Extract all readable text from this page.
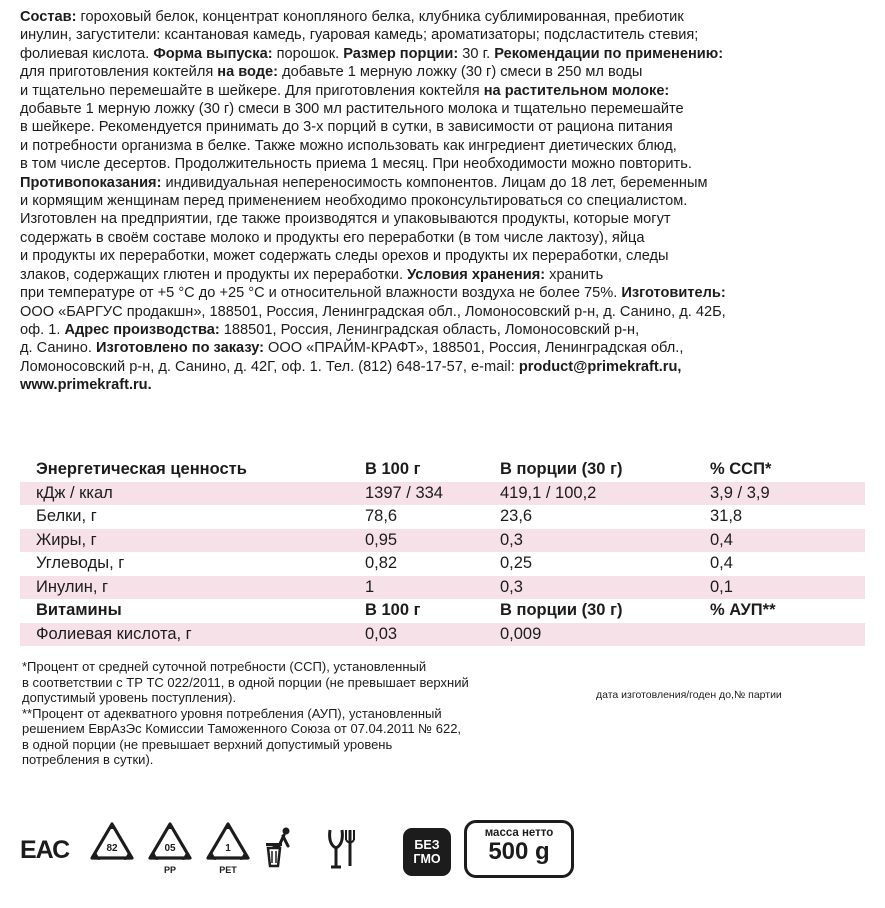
Состав: гороховый белок, концентрат конопляного белка, клубника сублимированная, пребиотик
инулин, загустители: ксантановая камедь, гуаровая камедь; ароматизаторы; подсластитель стевия;
фолиевая кислота. Форма выпуска: порошок. Размер порции: 30 г. Рекомендации по применению:
для приготовления коктейля на воде: добавьте 1 мерную ложку (30 г) смеси в 250 мл воды
и тщательно перемешайте в шейкере. Для приготовления коктейля на растительном молоке:
добавьте 1 мерную ложку (30 г) смеси в 300 мл растительного молока и тщательно перемешайте
в шейкере. Рекомендуется принимать до 3-х порций в сутки, в зависимости от рациона питания
и потребности организма в белке. Также можно использовать как ингредиент диетических блюд,
в том числе десертов. Продолжительность приема 1 месяц. При необходимости можно повторить.
Противопоказания: индивидуальная непереносимость компонентов. Лицам до 18 лет, беременным
и кормящим женщинам перед применением необходимо проконсультироваться со специалистом.
Изготовлен на предприятии, где также производятся и упаковываются продукты, которые могут
содержать в своём составе молоко и продукты его переработки (в том числе лактозу), яйца
и продукты их переработки, может содержать следы орехов и продукты их переработки, следы
злаков, содержащих глютен и продукты их переработки. Условия хранения: хранить
при температуре от +5 °С до +25 °С и относительной влажности воздуха не более 75%. Изготовитель:
ООО «БАРГУС продакшн», 188501, Россия, Ленинградская обл., Ломоносовский р-н, д. Санино, д. 42Б,
оф. 1. Адрес производства: 188501, Россия, Ленинградская область, Ломоносовский р-н,
д. Санино. Изготовлено по заказу: ООО «ПРАЙМ-КРАФТ», 188501, Россия, Ленинградская обл.,
Ломоносовский р-н, д. Санино, д. 42Г, оф. 1. Тел. (812) 648-17-57, e-mail: product@primekraft.ru,
www.primekraft.ru.
Энергетическая ценность	В 100 г	В порции (30 г)	% ССП*
кДж / ккал	1397 / 334	419,1 / 100,2	3,9 / 3,9
Белки, г	78,6	23,6	31,8
Жиры, г	0,95	0,3	0,4
Углеводы, г	0,82	0,25	0,4
Инулин, г	1	0,3	0,1
Витамины	В 100 г	В порции (30 г)	% АУП**
Фолиевая кислота, г	0,03	0,009
*Процент от средней суточной потребности (ССП), установленный
в соответствии с ТР ТС 022/2011, в одной порции (не превышает верхний
допустимый уровень поступления).
**Процент от адекватного уровня потребления (АУП), установленный
решением ЕврАзЭс Комиссии Таможенного Союза от 07.04.2011 № 622,
в одной порции (не превышает верхний допустимый уровень
потребления в сутки).
дата изготовления/годен до,№ партии
ЕАС	82	05
PP
1
PET
БЕЗ
ГМО
масса нетто
500 g
